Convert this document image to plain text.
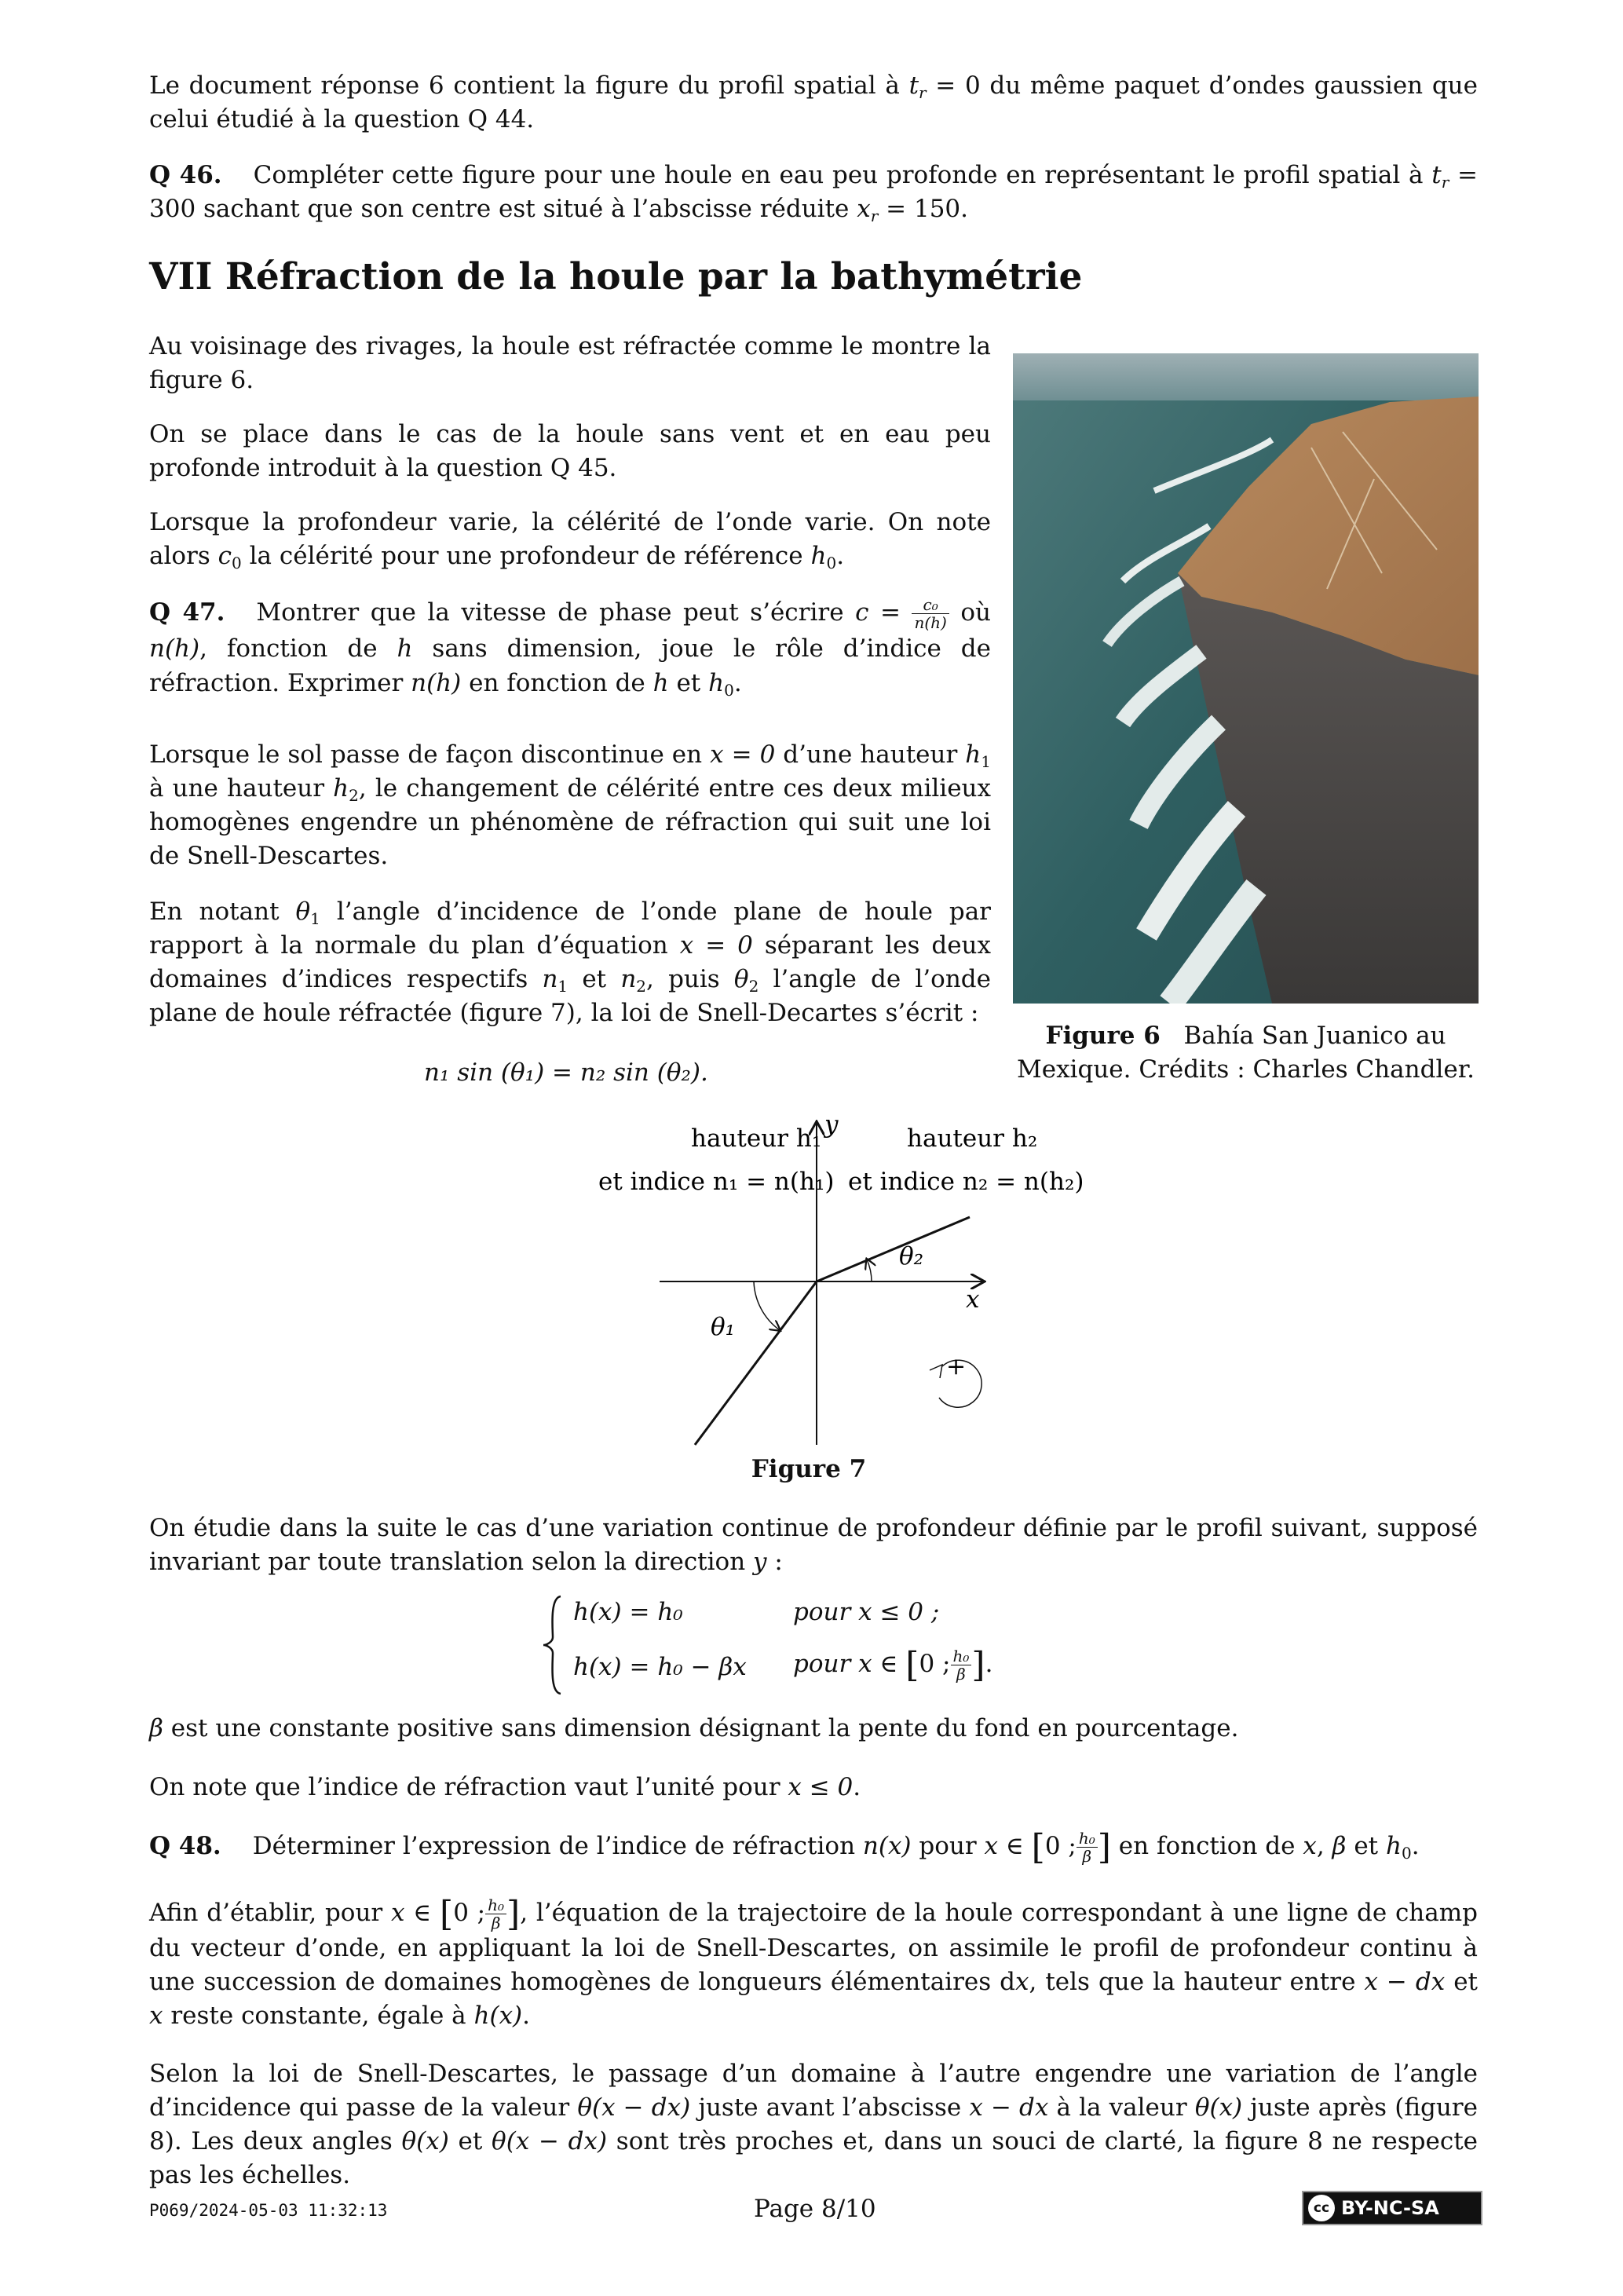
Le document réponse 6 contient la figure du profil spatial à $t_r = 0$ du même paquet d’ondes gaussien que celui étudié à la question Q 44.

Q 46. Compléter cette figure pour une houle en eau peu profonde en représentant le profil spatial à $t_r = 300$ sachant que son centre est situé à l’abscisse réduite $x_r = 150$.

VII Réfraction de la houle par la bathymétrie

Au voisinage des rivages, la houle est réfractée comme le montre la figure 6.

On se place dans le cas de la houle sans vent et en eau peu profonde introduit à la question Q 45.

Lorsque la profondeur varie, la célérité de l’onde varie. On note alors $c_0$ la célérité pour une profondeur de référence $h_0$.

Q 47. Montrer que la vitesse de phase peut s’écrire $c = \frac{\text{c₀}}{n(h)}$ où n(h), fonction de h sans dimension, joue le rôle d’indice de réfraction. Exprimer n(h) en fonction de h et $h_0$.

Lorsque le sol passe de façon discontinue en x = 0 d’une hauteur $h_1$ à une hauteur $h_2$, le changement de célérité entre ces deux milieux homogènes engendre un phénomène de réfraction qui suit une loi de Snell-Descartes.

En notant $\theta_1$ l’angle d’incidence de l’onde plane de houle par rapport à la normale du plan d’équation x = 0 séparant les deux domaines d’indices respectifs $n_1$ et $n_2$, puis $\theta_2$ l’angle de l’onde plane de houle réfractée (figure 7), la loi de Snell-Decartes s’écrit :

n₁ sin (θ₁) = n₂ sin (θ₂).
Figure 6 Bahía San Juanico au Mexique. Crédits : Charles Chandler.
hauteur h₁
et indice n₁ = n(h₁)
hauteur h₂
et indice n₂ = n(h₂)
y
x
θ₁
θ₂
+
Figure 7

On étudie dans la suite le cas d’une variation continue de profondeur définie par le profil suivant, supposé invariant par toute translation selon la direction y :

h(x) = h₀	pour x ≤ 0 ;
h(x) = h₀ − βx pour x ∈ [0 ; $\frac{\text{h₀}}{\beta}$ ].

β est une constante positive sans dimension désignant la pente du fond en pourcentage.

On note que l’indice de réfraction vaut l’unité pour x ≤ 0.

Q 48. Déterminer l’expression de l’indice de réfraction n(x) pour x ∈ [0 ; $\frac{\text{h₀}}{\beta}$ ] en fonction de x, β et $h_0$.

Afin d’établir, pour x ∈ [0 ; $\frac{\text{h₀}}{\beta}$ ], l’équation de la trajectoire de la houle correspondant à une ligne de champ du vecteur d’onde, en appliquant la loi de Snell-Descartes, on assimile le profil de profondeur continu à une succession de domaines homogènes de longueurs élémentaires dx, tels que la hauteur entre x − dx et x reste constante, égale à h(x).

Selon la loi de Snell-Descartes, le passage d’un domaine à l’autre engendre une variation de l’angle d’incidence qui passe de la valeur θ(x − dx) juste avant l’abscisse x − dx à la valeur θ(x) juste après (figure 8). Les deux angles θ(x) et θ(x − dx) sont très proches et, dans un souci de clarté, la figure 8 ne respecte pas les échelles.

P069/2024-05-03 11:32:13	Page 8/10	cc BY-NC-SA
